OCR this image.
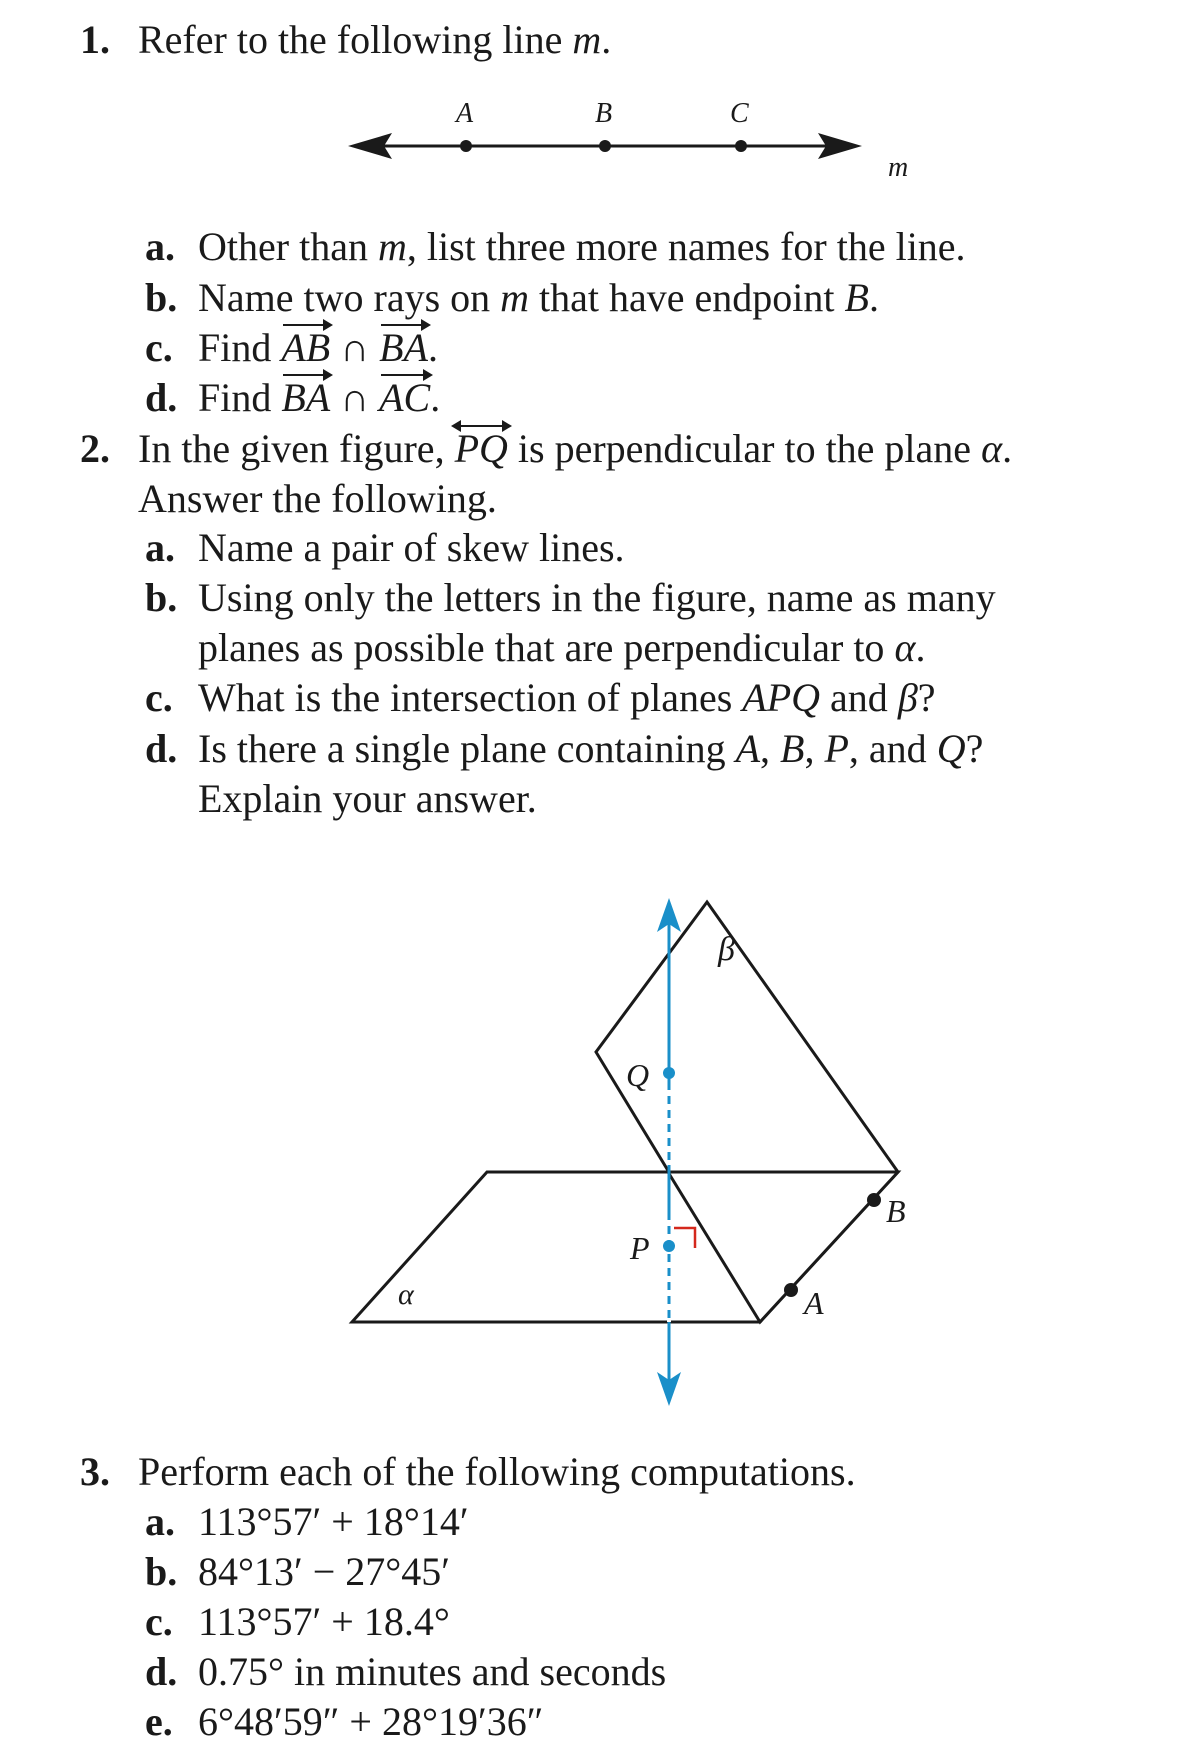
1. Refer to the following line m.
A	B	C
m
β
α
Q
P
A
B
a. Other than m, list three more names for the line.
b. Name two rays on m that have endpoint B.
c. Find AB ∩ BA.
d. Find BA ∩ AC.
2. In the given figure,
PQ is perpendicular to the plane α.
Answer the following.
a. Name a pair of skew lines.
b. Using only the letters in the figure, name as many
planes as possible that are perpendicular to α.
c. What is the intersection of planes APQ and β?
d. Is there a single plane containing A, B, P, and Q?
Explain your answer.
3. Perform each of the following computations.
a. 113°57′ + 18°14′
b. 84°13′ − 27°45′
c. 113°57′ + 18.4°
d. 0.75° in minutes and seconds
e. 6°48′59″ + 28°19′36″
